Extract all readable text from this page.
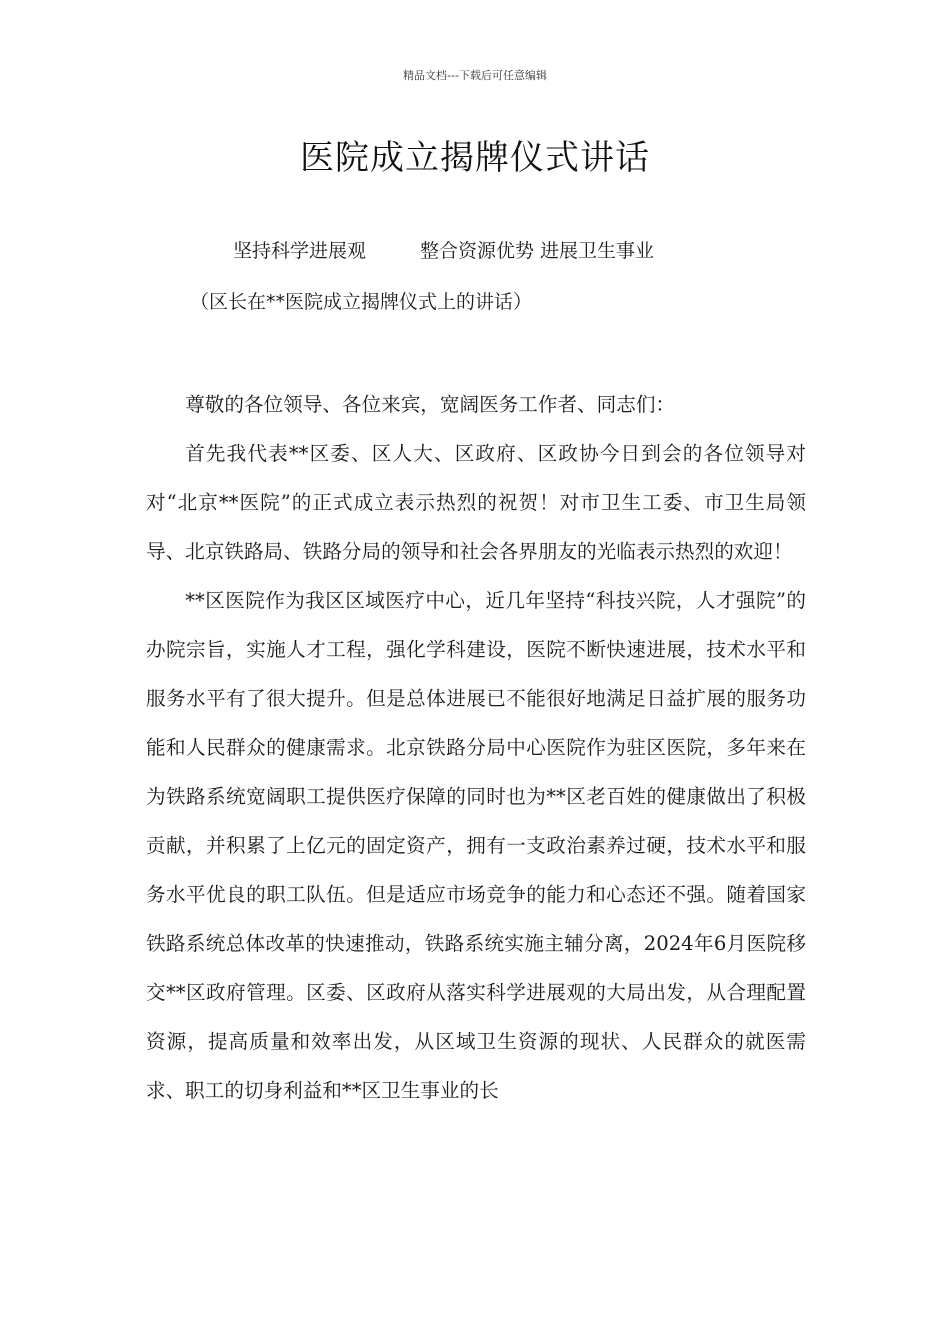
精品文档---下载后可任意编辑
医院成立揭牌仪式讲话
坚持科学进展观	整合资源优势 进展卫生事业
（区长在**医院成立揭牌仪式上的讲话）

尊敬的各位领导、各位来宾，宽阔医务工作者、同志们：

首先我代表**区委、区人大、区政府、区政协今日到会的各位领导对对“北京**医院”的正式成立表示热烈的祝贺！对市卫生工委、市卫生局领导、北京铁路局、铁路分局的领导和社会各界朋友的光临表示热烈的欢迎！

**区医院作为我区区域医疗中心，近几年坚持“科技兴院，人才强院”的办院宗旨，实施人才工程，强化学科建设，医院不断快速进展，技术水平和服务水平有了很大提升。但是总体进展已不能很好地满足日益扩展的服务功能和人民群众的健康需求。北京铁路分局中心医院作为驻区医院，多年来在为铁路系统宽阔职工提供医疗保障的同时也为**区老百姓的健康做出了积极贡献，并积累了上亿元的固定资产，拥有一支政治素养过硬，技术水平和服务水平优良的职工队伍。但是适应市场竞争的能力和心态还不强。随着国家铁路系统总体改革的快速推动，铁路系统实施主辅分离，2024年6月医院移交**区政府管理。区委、区政府从落实科学进展观的大局出发，从合理配置资源，提高质量和效率出发，从区域卫生资源的现状、人民群众的就医需求、职工的切身利益和**区卫生事业的长
